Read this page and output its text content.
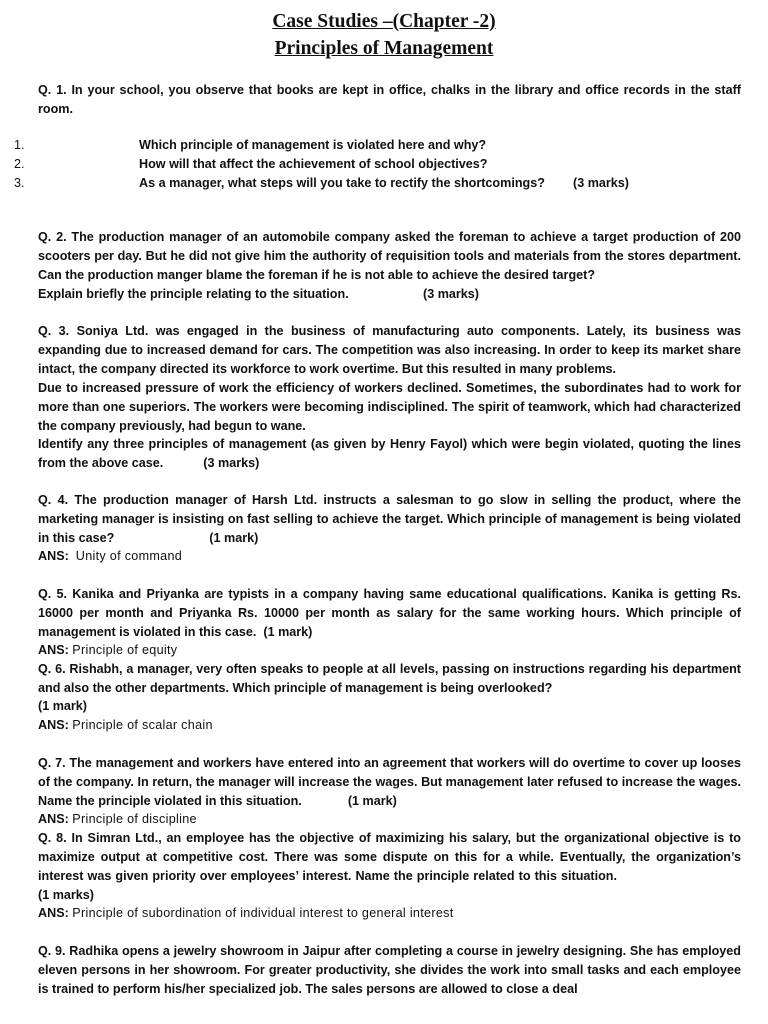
Case Studies –(Chapter -2)
Principles of Management

Q. 1. In your school, you observe that books are kept in office, chalks in the library and office records in the staff room.

1.	Which principle of management is violated here and why?
2.	How will that affect the achievement of school objectives?
3.	As a manager, what steps will you take to rectify the shortcomings? (3 marks)

Q. 2. The production manager of an automobile company asked the foreman to achieve a target production of 200 scooters per day. But he did not give him the authority of requisition tools and materials from the stores department. Can the production manger blame the foreman if he is not able to achieve the desired target?

Explain briefly the principle relating to the situation.	(3 marks)

Q. 3. Soniya Ltd. was engaged in the business of manufacturing auto components. Lately, its business was expanding due to increased demand for cars. The competition was also increasing. In order to keep its market share intact, the company directed its workforce to work overtime. But this resulted in many problems.

Due to increased pressure of work the efficiency of workers declined. Sometimes, the subordinates had to work for more than one superiors. The workers were becoming indisciplined. The spirit of teamwork, which had characterized the company previously, had begun to wane.

Identify any three principles of management (as given by Henry Fayol) which were begin violated, quoting the lines from the above case.	(3 marks)

Q. 4. The production manager of Harsh Ltd. instructs a salesman to go slow in selling the product, where the marketing manager is insisting on fast selling to achieve the target. Which principle of management is being violated in this case?	(1 mark)

ANS: Unity of command

Q. 5. Kanika and Priyanka are typists in a company having same educational qualifications. Kanika is getting Rs. 16000 per month and Priyanka Rs. 10000 per month as salary for the same working hours. Which principle of management is violated in this case. (1 mark)

ANS: Principle of equity

Q. 6. Rishabh, a manager, very often speaks to people at all levels, passing on instructions regarding his department and also the other departments. Which principle of management is being overlooked?

(1 mark)

ANS: Principle of scalar chain

Q. 7. The management and workers have entered into an agreement that workers will do overtime to cover up looses of the company. In return, the manager will increase the wages. But management later refused to increase the wages. Name the principle violated in this situation.	(1 mark)

ANS: Principle of discipline

Q. 8. In Simran Ltd., an employee has the objective of maximizing his salary, but the organizational objective is to maximize output at competitive cost. There was some dispute on this for a while. Eventually, the organization’s interest was given priority over employees’ interest. Name the principle related to this situation.(1 marks)

ANS: Principle of subordination of individual interest to general interest

Q. 9. Radhika opens a jewelry showroom in Jaipur after completing a course in jewelry designing. She has employed eleven persons in her showroom. For greater productivity, she divides the work into small tasks and each employee is trained to perform his/her specialized job. The sales persons are allowed to close a deal
